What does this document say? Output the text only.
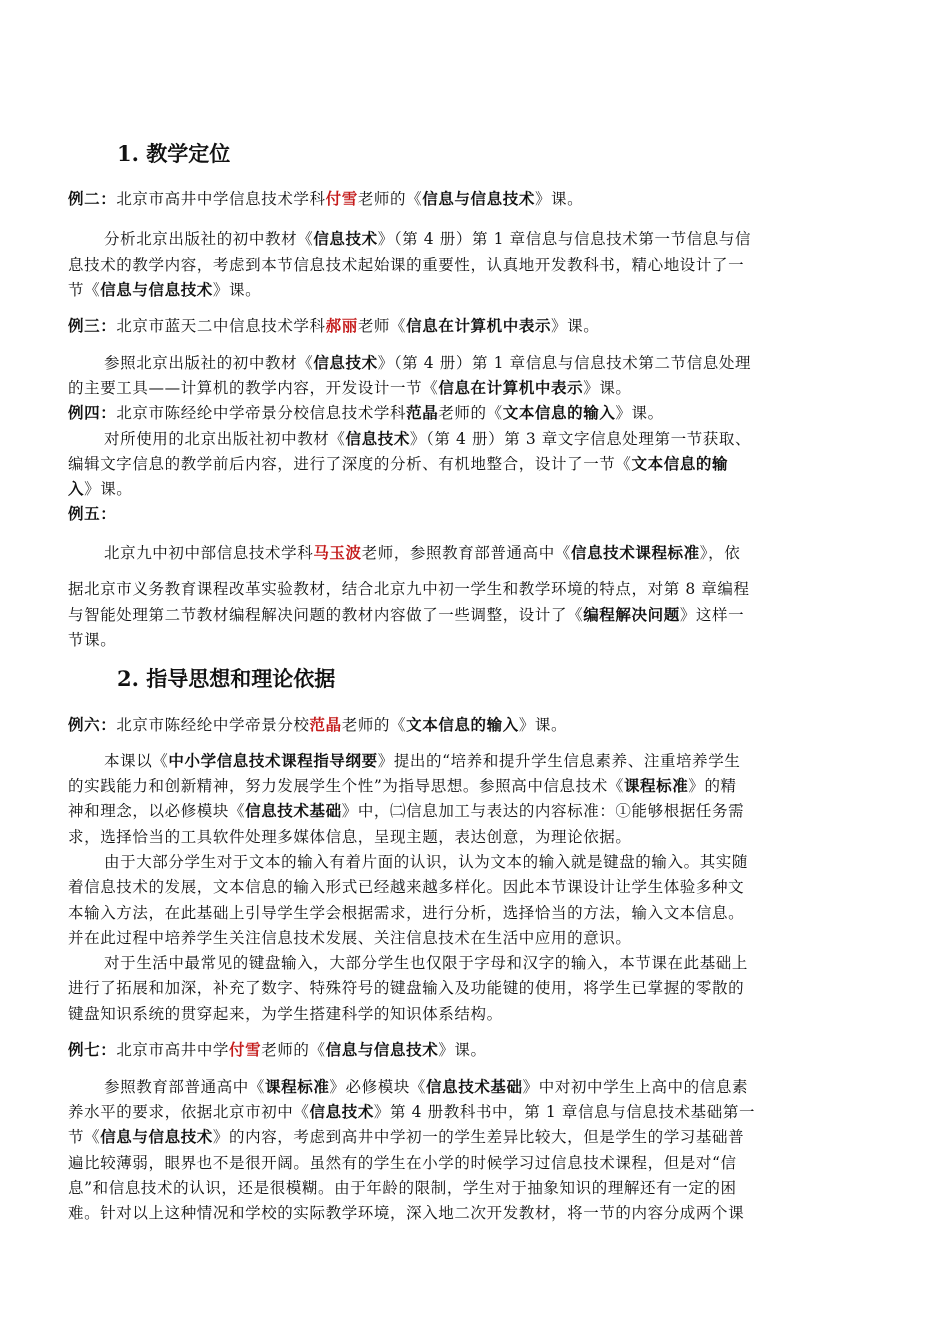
1. 教学定位
例二：北京市高井中学信息技术学科付雪老师的《信息与信息技术》课。
分析北京出版社的初中教材《信息技术》（第 4 册）第 1 章信息与信息技术第一节信息与信
息技术的教学内容，考虑到本节信息技术起始课的重要性，认真地开发教科书，精心地设计了一
节《信息与信息技术》课。
例三：北京市蓝天二中信息技术学科郝丽老师《信息在计算机中表示》课。
参照北京出版社的初中教材《信息技术》（第 4 册）第 1 章信息与信息技术第二节信息处理
的主要工具——计算机的教学内容，开发设计一节《信息在计算机中表示》课。
例四：北京市陈经纶中学帝景分校信息技术学科范晶老师的《文本信息的输入》课。
对所使用的北京出版社初中教材《信息技术》（第 4 册）第 3 章文字信息处理第一节获取、
编辑文字信息的教学前后内容，进行了深度的分析、有机地整合，设计了一节《文本信息的输
入》课。
例五：
北京九中初中部信息技术学科马玉波老师，参照教育部普通高中《信息技术课程标准》，依
据北京市义务教育课程改革实验教材，结合北京九中初一学生和教学环境的特点，对第 8 章编程
与智能处理第二节教材编程解决问题的教材内容做了一些调整，设计了《编程解决问题》这样一
节课。
2. 指导思想和理论依据
例六：北京市陈经纶中学帝景分校范晶老师的《文本信息的输入》课。
本课以《中小学信息技术课程指导纲要》提出的“培养和提升学生信息素养、注重培养学生
的实践能力和创新精神，努力发展学生个性”为指导思想。参照高中信息技术《课程标准》的精
神和理念，以必修模块《信息技术基础》中，㈡信息加工与表达的内容标准：①能够根据任务需
求，选择恰当的工具软件处理多媒体信息，呈现主题，表达创意，为理论依据。
由于大部分学生对于文本的输入有着片面的认识，认为文本的输入就是键盘的输入。其实随
着信息技术的发展，文本信息的输入形式已经越来越多样化。因此本节课设计让学生体验多种文
本输入方法，在此基础上引导学生学会根据需求，进行分析，选择恰当的方法，输入文本信息。
并在此过程中培养学生关注信息技术发展、关注信息技术在生活中应用的意识。
对于生活中最常见的键盘输入，大部分学生也仅限于字母和汉字的输入，本节课在此基础上
进行了拓展和加深，补充了数字、特殊符号的键盘输入及功能键的使用，将学生已掌握的零散的
键盘知识系统的贯穿起来，为学生搭建科学的知识体系结构。
例七：北京市高井中学付雪老师的《信息与信息技术》课。
参照教育部普通高中《课程标准》必修模块《信息技术基础》中对初中学生上高中的信息素
养水平的要求，依据北京市初中《信息技术》第 4 册教科书中，第 1 章信息与信息技术基础第一
节《信息与信息技术》的内容，考虑到高井中学初一的学生差异比较大，但是学生的学习基础普
遍比较薄弱，眼界也不是很开阔。虽然有的学生在小学的时候学习过信息技术课程，但是对“信
息”和信息技术的认识，还是很模糊。由于年龄的限制，学生对于抽象知识的理解还有一定的困
难。针对以上这种情况和学校的实际教学环境，深入地二次开发教材，将一节的内容分成两个课
